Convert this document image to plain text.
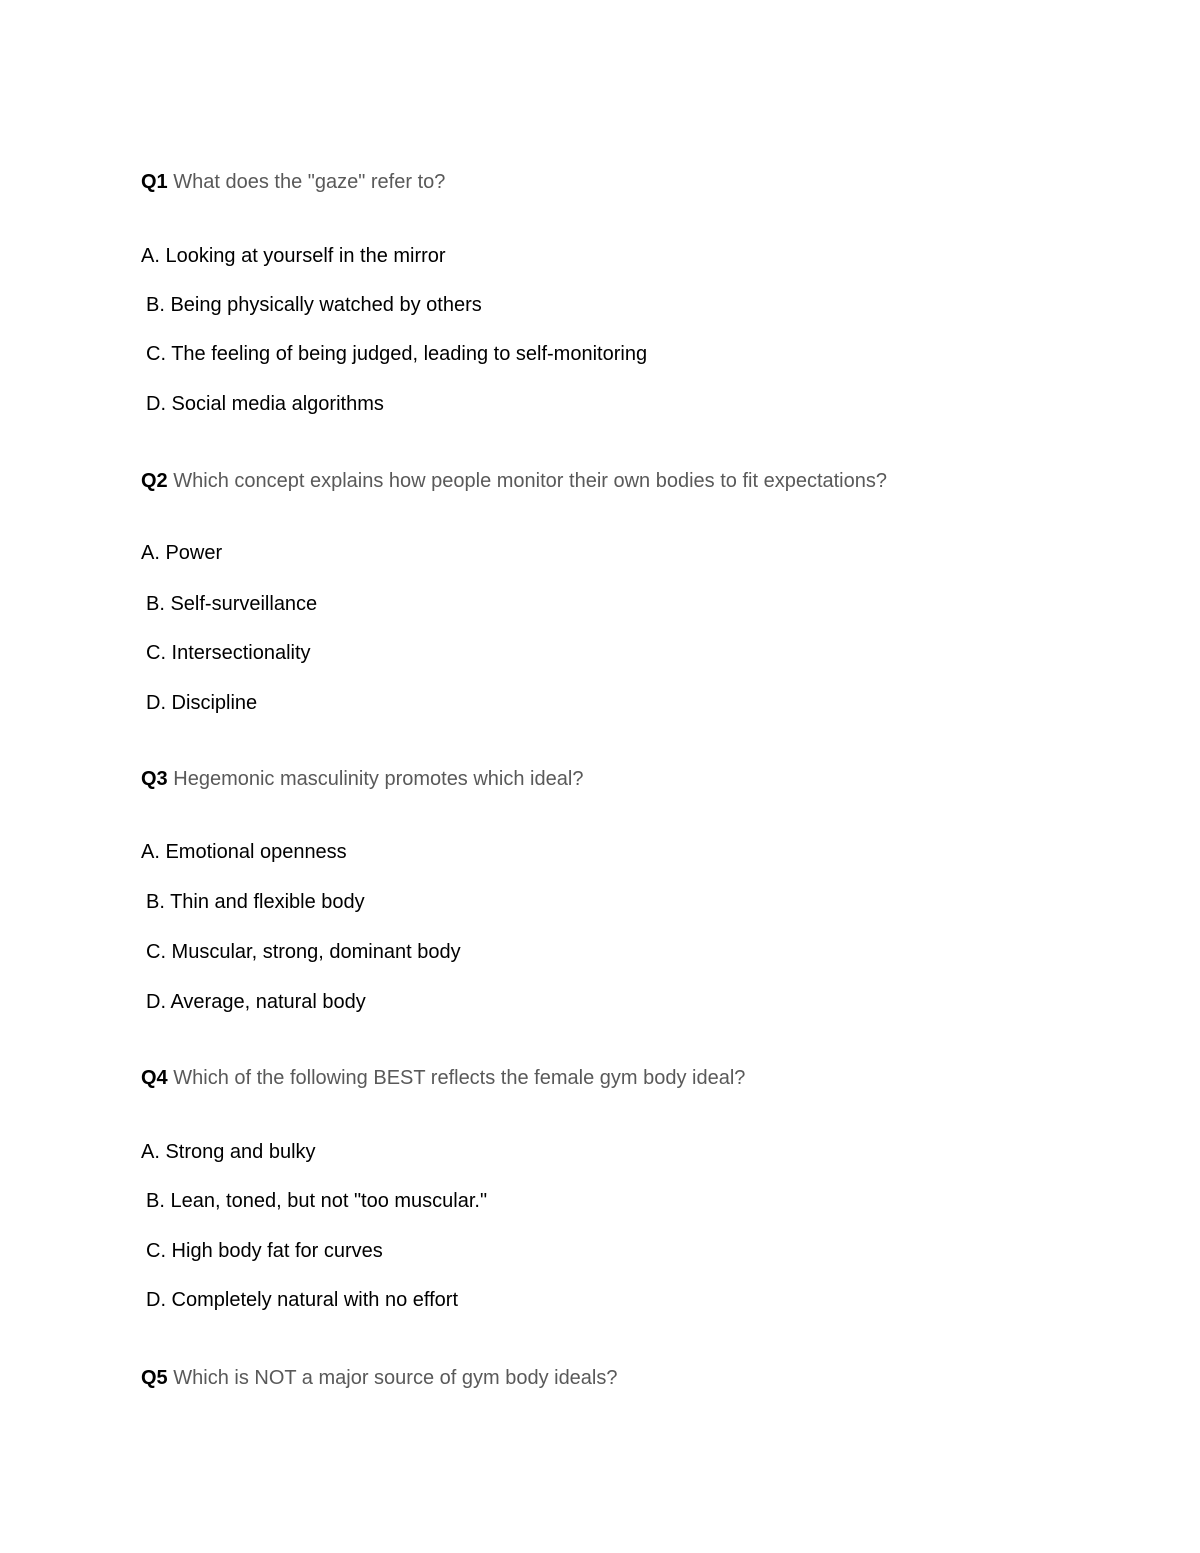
Q1 What does the "gaze" refer to?
A. Looking at yourself in the mirror
B. Being physically watched by others
C. The feeling of being judged, leading to self-monitoring
D. Social media algorithms
Q2 Which concept explains how people monitor their own bodies to fit expectations?
A. Power
B. Self-surveillance
C. Intersectionality
D. Discipline
Q3 Hegemonic masculinity promotes which ideal?
A. Emotional openness
B. Thin and flexible body
C. Muscular, strong, dominant body
D. Average, natural body
Q4 Which of the following BEST reflects the female gym body ideal?
A. Strong and bulky
B. Lean, toned, but not "too muscular."
C. High body fat for curves
D. Completely natural with no effort
Q5 Which is NOT a major source of gym body ideals?
